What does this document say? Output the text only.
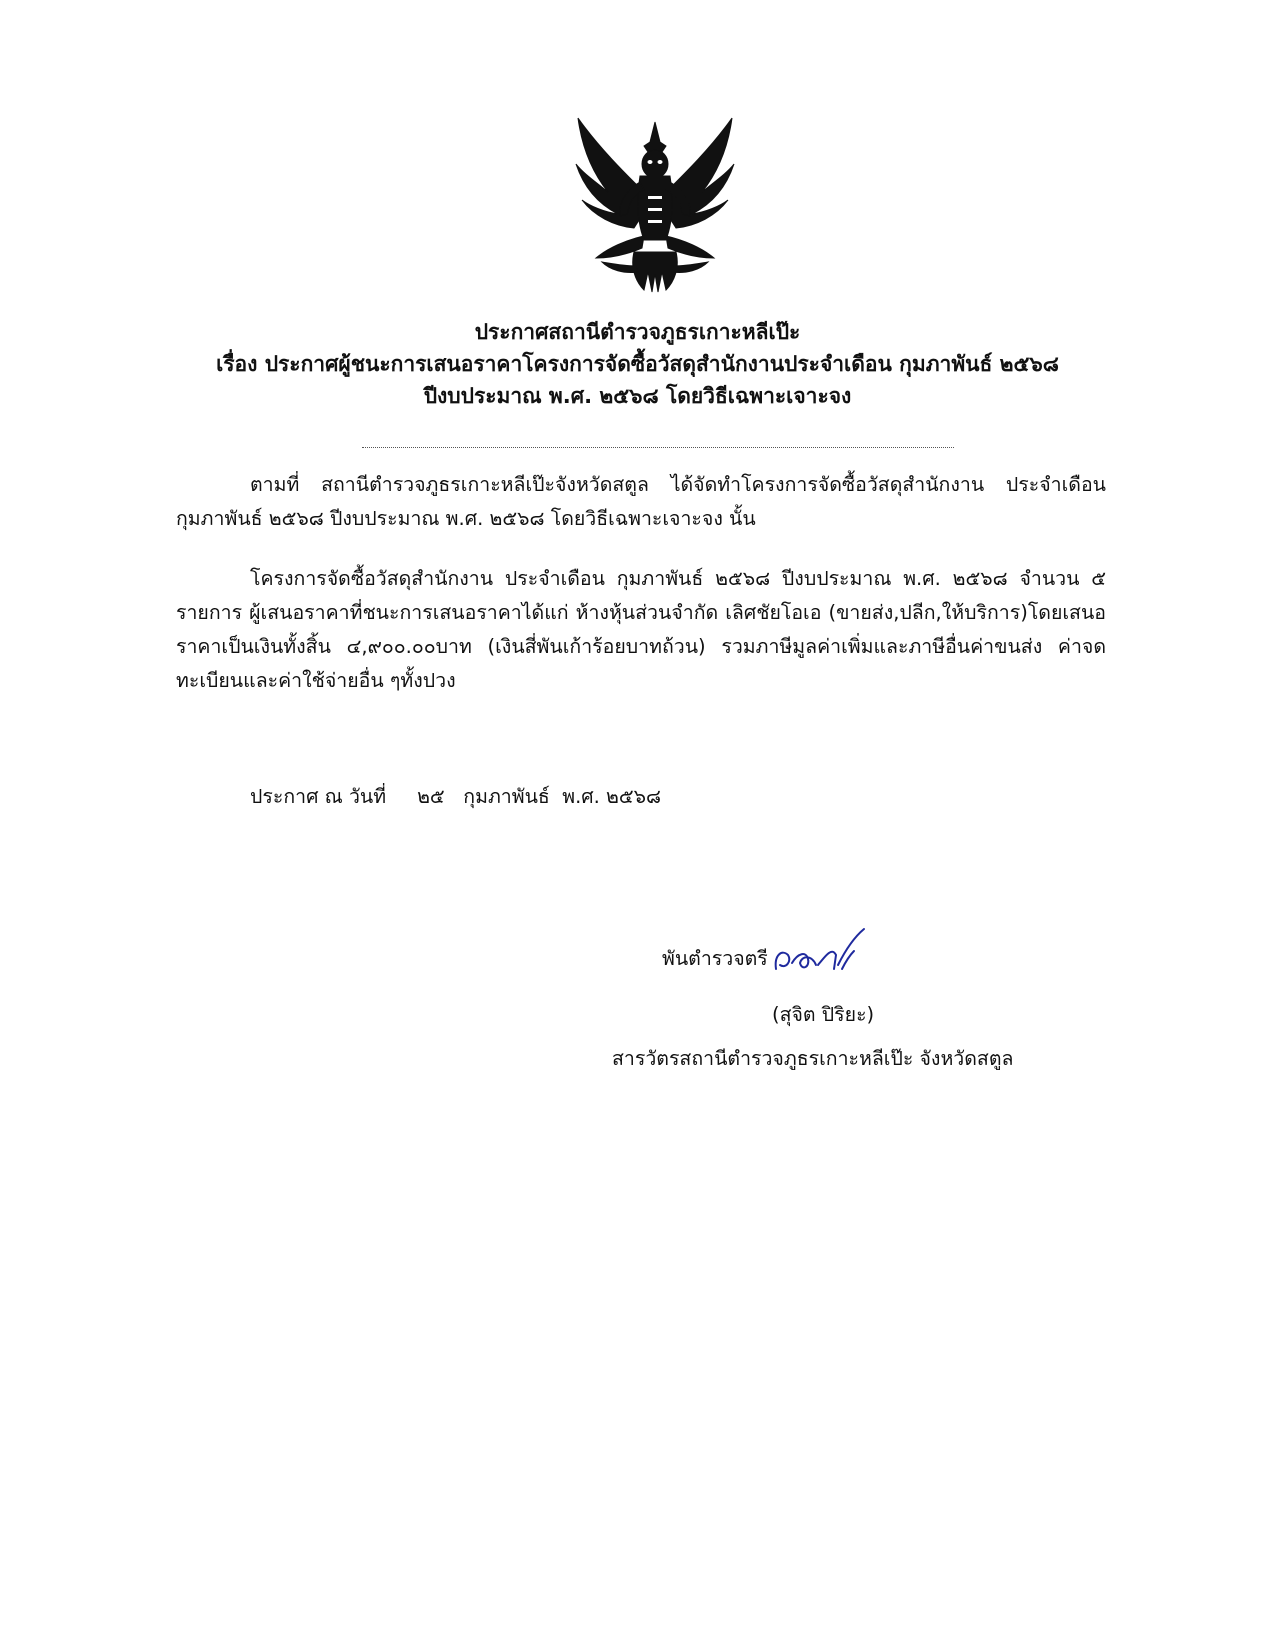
ประกาศสถานีตำรวจภูธรเกาะหลีเป๊ะ
เรื่อง ประกาศผู้ชนะการเสนอราคาโครงการจัดซื้อวัสดุสำนักงานประจำเดือน กุมภาพันธ์ ๒๕๖๘
ปีงบประมาณ พ.ศ. ๒๕๖๘ โดยวิธีเฉพาะเจาะจง
ตามที่ สถานีตำรวจภูธรเกาะหลีเป๊ะจังหวัดสตูล ได้จัดทำโครงการจัดซื้อวัสดุสำนักงาน ประจำเดือน กุมภาพันธ์ ๒๕๖๘ ปีงบประมาณ พ.ศ. ๒๕๖๘ โดยวิธีเฉพาะเจาะจง นั้น
โครงการจัดซื้อวัสดุสำนักงาน ประจำเดือน กุมภาพันธ์ ๒๕๖๘ ปีงบประมาณ พ.ศ. ๒๕๖๘ จำนวน ๕ รายการ ผู้เสนอราคาที่ชนะการเสนอราคาได้แก่ ห้างหุ้นส่วนจำกัด เลิศชัยโอเอ (ขายส่ง,ปลีก,ให้บริการ)โดยเสนอราคาเป็นเงินทั้งสิ้น ๔,๙๐๐.๐๐บาท (เงินสี่พันเก้าร้อยบาทถ้วน) รวมภาษีมูลค่าเพิ่มและภาษีอื่นค่าขนส่ง ค่าจดทะเบียนและค่าใช้จ่ายอื่น ๆทั้งปวง
ประกาศ ณ วันที่     ๒๕   กุมภาพันธ์  พ.ศ. ๒๕๖๘
พันตำรวจตรี
(สุจิต ปิริยะ)
สารวัตรสถานีตำรวจภูธรเกาะหลีเป๊ะ จังหวัดสตูล
